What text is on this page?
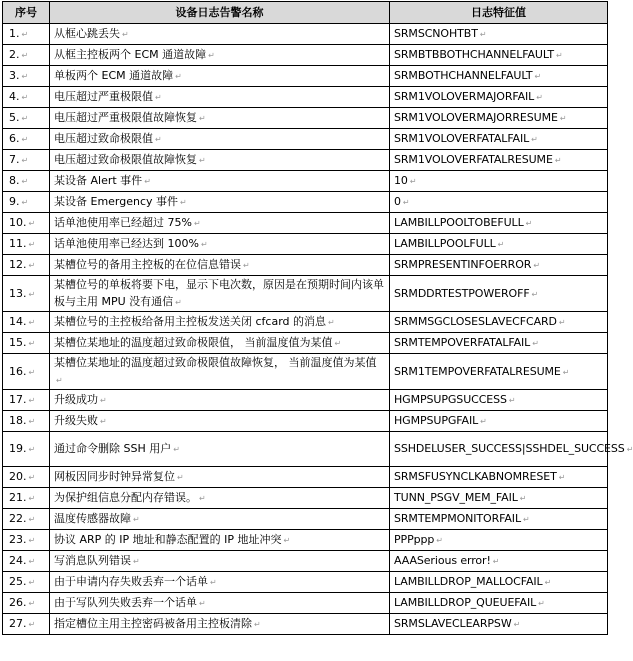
序号	设备日志告警名称	日志特征值
1. ↵	从框心跳丢失 ↵	SRMSCNOHTBT ↵
2. ↵	从框主控板两个 ECM 通道故障 ↵	SRMBTBBOTHCHANNELFAULT ↵
3. ↵	单板两个 ECM 通道故障 ↵	SRMBOTHCHANNELFAULT ↵
4. ↵	电压超过严重极限值 ↵	SRM1VOLOVERMAJORFAIL ↵
5. ↵	电压超过严重极限值故障恢复 ↵	SRM1VOLOVERMAJORRESUME ↵
6. ↵	电压超过致命极限值 ↵	SRM1VOLOVERFATALFAIL ↵
7. ↵	电压超过致命极限值故障恢复 ↵	SRM1VOLOVERFATALRESUME ↵
8. ↵	某设备 Alert 事件 ↵	10 ↵
9. ↵	某设备 Emergency 事件 ↵	0 ↵
10. ↵	话单池使用率已经超过 75% ↵	LAMBILLPOOLTOBEFULL ↵
11. ↵	话单池使用率已经达到 100% ↵	LAMBILLPOOLFULL ↵
12. ↵	某槽位号的备用主控板的在位信息错误 ↵	SRMPRESENTINFOERROR ↵
13. ↵	某槽位号的单板将要下电，显示下电次数，原因是在预期时间内该单板与主用 MPU 没有通信 ↵	SRMDDRTESTPOWEROFF ↵
14. ↵	某槽位号的主控板给备用主控板发送关闭 cfcard 的消息 ↵	SRMMSGCLOSESLAVECFCARD ↵
15. ↵	某槽位某地址的温度超过致命极限值， 当前温度值为某值 ↵	SRMTEMPOVERFATALFAIL ↵
16. ↵	某槽位某地址的温度超过致命极限值故障恢复， 当前温度值为某值↵	SRM1TEMPOVERFATALRESUME ↵
17. ↵	升级成功 ↵	HGMPSUPGSUCCESS ↵
18. ↵	升级失败 ↵	HGMPSUPGFAIL ↵
19. ↵	通过命令删除 SSH 用户 ↵	SSHDELUSER_SUCCESS|SSHDEL_SUCCESS ↵
20. ↵	网板因同步时钟异常复位 ↵	SRMSFUSYNCLKABNOMRESET ↵
21. ↵	为保护组信息分配内存错误。 ↵	TUNN_PSGV_MEM_FAIL ↵
22. ↵	温度传感器故障 ↵	SRMTEMPMONITORFAIL ↵
23. ↵	协议 ARP 的 IP 地址和静态配置的 IP 地址冲突 ↵	PPPppp ↵
24. ↵	写消息队列错误 ↵	AAASerious error! ↵
25. ↵	由于申请内存失败丢弃一个话单 ↵	LAMBILLDROP_MALLOCFAIL ↵
26. ↵	由于写队列失败丢弃一个话单 ↵	LAMBILLDROP_QUEUEFAIL ↵
27. ↵	指定槽位主用主控密码被备用主控板清除 ↵	SRMSLAVECLEARPSW ↵
